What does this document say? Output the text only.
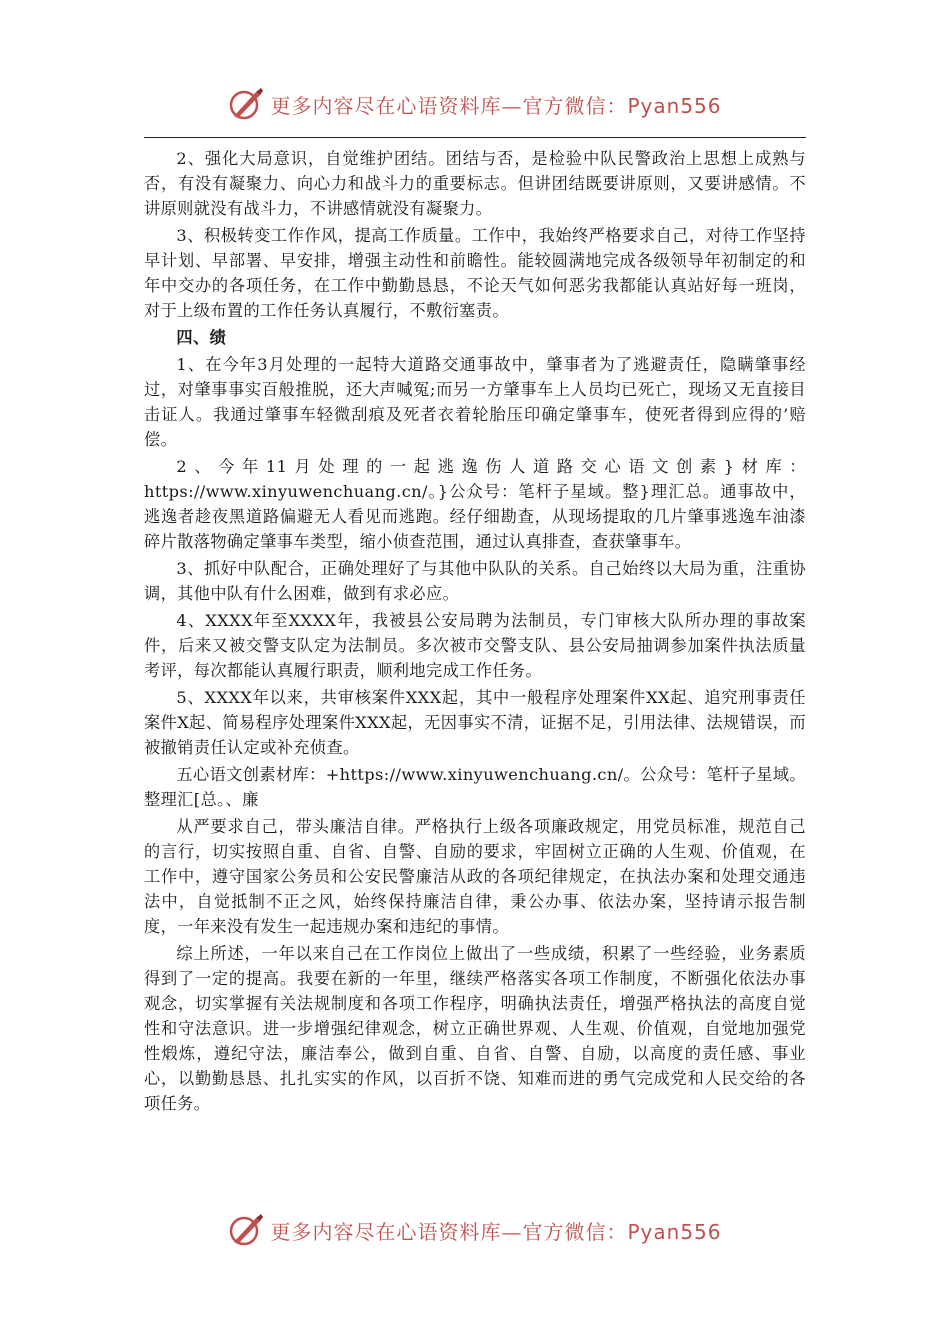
更多内容尽在心语资料库—官方微信：Pyan556

2、强化大局意识，自觉维护团结。团结与否，是检验中队民警政治上思想上成熟与否，有没有凝聚力、向心力和战斗力的重要标志。但讲团结既要讲原则，又要讲感情。不讲原则就没有战斗力，不讲感情就没有凝聚力。

3、积极转变工作作风，提高工作质量。工作中，我始终严格要求自己，对待工作坚持早计划、早部署、早安排，增强主动性和前瞻性。能较圆满地完成各级领导年初制定的和年中交办的各项任务，在工作中勤勤恳恳，不论天气如何恶劣我都能认真站好每一班岗，对于上级布置的工作任务认真履行，不敷衍塞责。

四、绩

1、在今年3月处理的一起特大道路交通事故中，肇事者为了逃避责任，隐瞒肇事经过，对肇事事实百般推脱，还大声喊冤;而另一方肇事车上人员均已死亡，现场又无直接目击证人。我通过肇事车轻微刮痕及死者衣着轮胎压印确定肇事车，使死者得到应得的’赔偿。

2、今年11月处理的一起逃逸伤人道路交心语文创素}材库：https://www.xinyuwenchuang.cn/。}公众号：笔杆子星域。整}理汇总。通事故中，逃逸者趁夜黑道路偏避无人看见而逃跑。经仔细勘查，从现场提取的几片肇事逃逸车油漆碎片散落物确定肇事车类型，缩小侦查范围，通过认真排查，查获肇事车。

3、抓好中队配合，正确处理好了与其他中队队的关系。自己始终以大局为重，注重协调，其他中队有什么困难，做到有求必应。

4、XXXX年至XXXX年，我被县公安局聘为法制员，专门审核大队所办理的事故案件，后来又被交警支队定为法制员。多次被市交警支队、县公安局抽调参加案件执法质量考评，每次都能认真履行职责，顺利地完成工作任务。

5、XXXX年以来，共审核案件XXX起，其中一般程序处理案件XX起、追究刑事责任案件X起、简易程序处理案件XXX起，无因事实不清，证据不足，引用法律、法规错误，而被撤销责任认定或补充侦查。

五心语文创素材库：+https://www.xinyuwenchuang.cn/。公众号：笔杆子星域。整理汇[总。、廉

从严要求自己，带头廉洁自律。严格执行上级各项廉政规定，用党员标准，规范自己的言行，切实按照自重、自省、自警、自励的要求，牢固树立正确的人生观、价值观，在工作中，遵守国家公务员和公安民警廉洁从政的各项纪律规定，在执法办案和处理交通违法中，自觉抵制不正之风，始终保持廉洁自律，秉公办事、依法办案，坚持请示报告制度，一年来没有发生一起违规办案和违纪的事情。

综上所述，一年以来自己在工作岗位上做出了一些成绩，积累了一些经验，业务素质得到了一定的提高。我要在新的一年里，继续严格落实各项工作制度，不断强化依法办事观念，切实掌握有关法规制度和各项工作程序，明确执法责任，增强严格执法的高度自觉性和守法意识。进一步增强纪律观念，树立正确世界观、人生观、价值观，自觉地加强党性煅炼，遵纪守法，廉洁奉公，做到自重、自省、自警、自励，以高度的责任感、事业心，以勤勤恳恳、扎扎实实的作风，以百折不饶、知难而进的勇气完成党和人民交给的各项任务。

更多内容尽在心语资料库—官方微信：Pyan556
